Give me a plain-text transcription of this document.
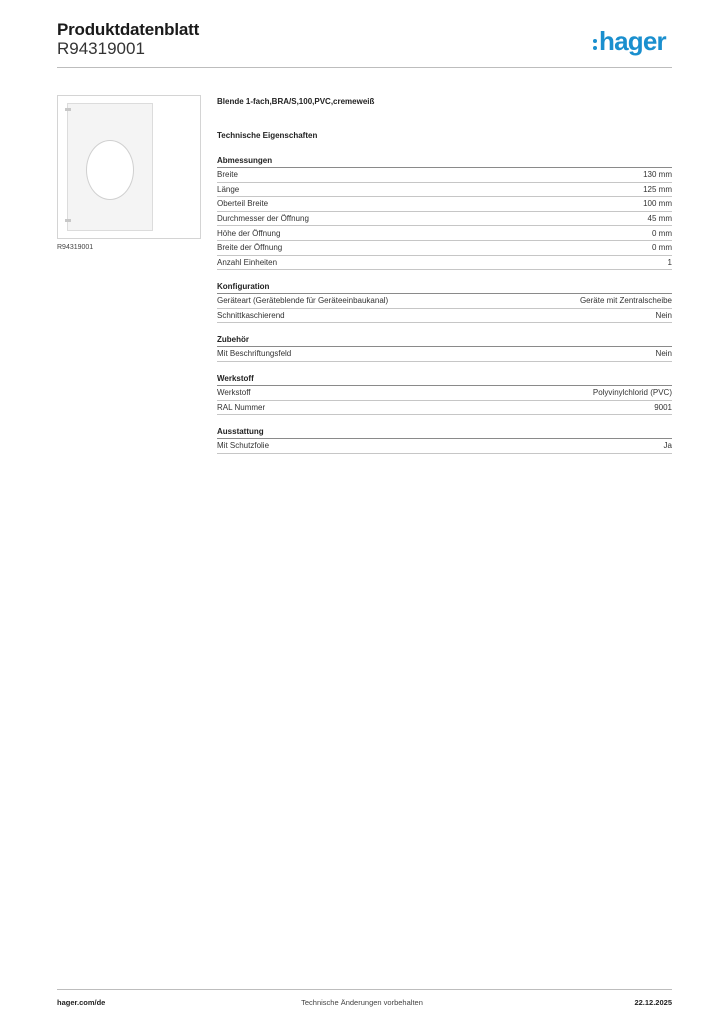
Produktdatenblatt
R94319001	hager
R94319001
Blende 1-fach,BRA/S,100,PVC,cremeweiß
Technische Eigenschaften
Abmessungen
Breite	130 mm
Länge	125 mm
Oberteil Breite	100 mm
Durchmesser der Öffnung	45 mm
Höhe der Öffnung	0 mm
Breite der Öffnung	0 mm
Anzahl Einheiten	1
Konfiguration
Geräteart (Geräteblende für Geräteeinbaukanal)	Geräte mit Zentralscheibe
Schnittkaschierend	Nein
Zubehör
Mit Beschriftungsfeld	Nein
Werkstoff
Werkstoff	Polyvinylchlorid (PVC)
RAL Nummer	9001
Ausstattung
Mit Schutzfolie	Ja
hager.com/de	Technische Änderungen vorbehalten	22.12.2025
